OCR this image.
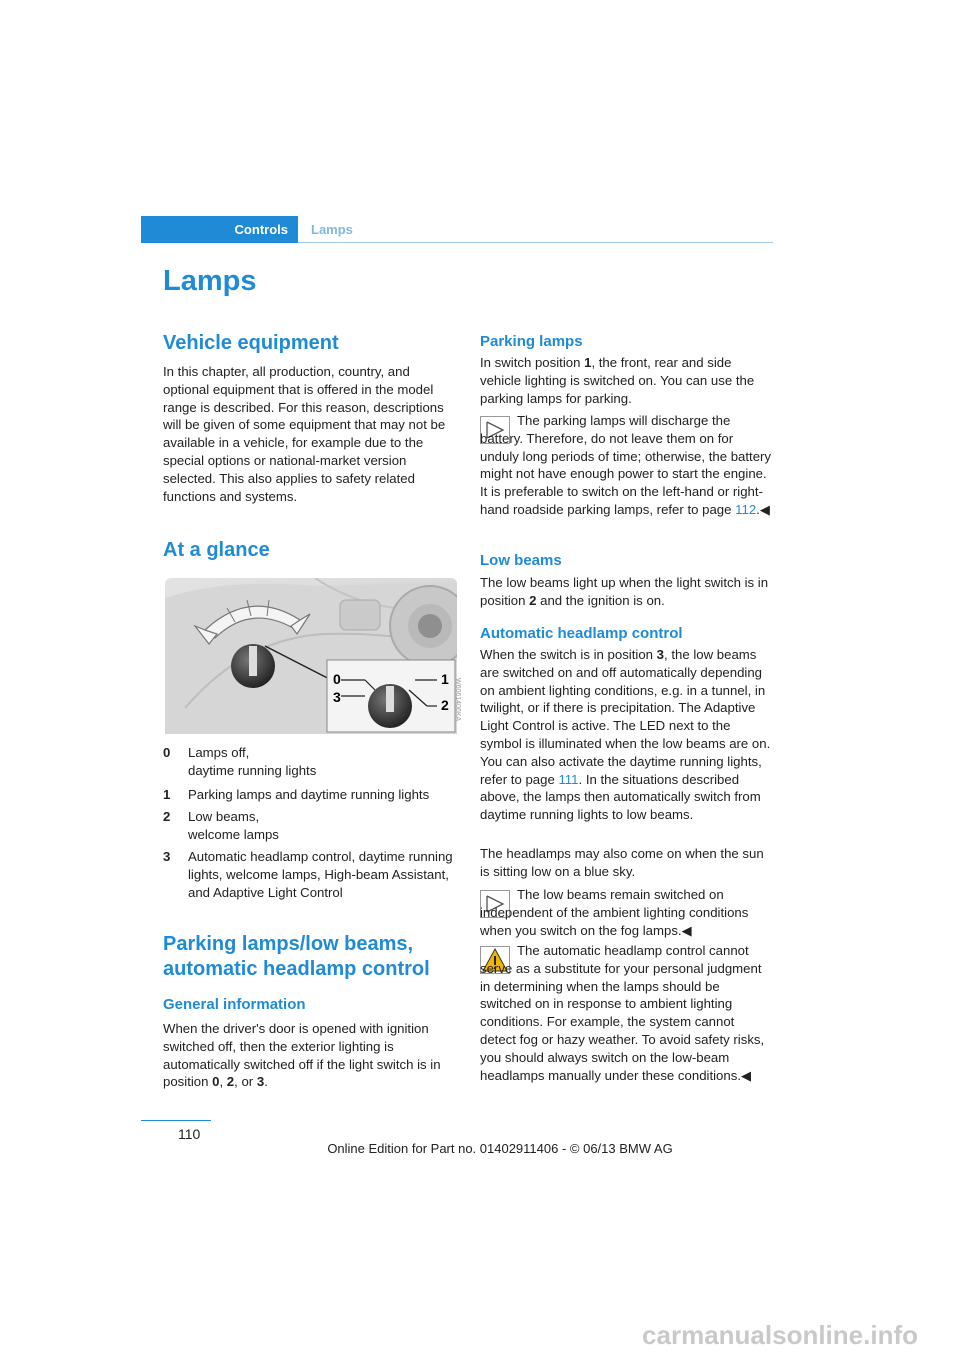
Controls	Lamps
Lamps
Vehicle equipment

In this chapter, all production, country, and optional equipment that is offered in the model range is described. For this reason, descriptions will be given of some equipment that may not be available in a vehicle, for example due to the special options or national-market version selected. This also applies to safety related functions and systems.

At a glance
0	1
3	2 W6061406KA
0 Lamps off,
daytime running lights
1 Parking lamps and daytime running lights
2 Low beams,
welcome lamps
3 Automatic headlamp control, daytime running lights, welcome lamps, High-beam Assistant, and Adaptive Light Control
Parking lamps/low beams, automatic headlamp control
General information

When the driver's door is opened with ignition switched off, then the exterior lighting is automatically switched off if the light switch is in position 0, 2, or 3.

Parking lamps

In switch position 1, the front, rear and side vehicle lighting is switched on. You can use the parking lamps for parking.

The parking lamps will discharge the battery. Therefore, do not leave them on for unduly long periods of time; otherwise, the battery might not have enough power to start the engine. It is preferable to switch on the left-hand or right-hand roadside parking lamps, refer to page 112.◀

Low beams

The low beams light up when the light switch is in position 2 and the ignition is on.

Automatic headlamp control

When the switch is in position 3, the low beams are switched on and off automatically depending on ambient lighting conditions, e.g. in a tunnel, in twilight, or if there is precipitation. The Adaptive Light Control is active. The LED next to the symbol is illuminated when the low beams are on. You can also activate the daytime running lights, refer to page 111. In the situations described above, the lamps then automatically switch from daytime running lights to low beams.

The headlamps may also come on when the sun is sitting low on a blue sky.

The low beams remain switched on independent of the ambient lighting conditions when you switch on the fog lamps.◀

The automatic headlamp control cannot serve as a substitute for your personal judgment in determining when the lamps should be switched on in response to ambient lighting conditions. For example, the system cannot detect fog or hazy weather. To avoid safety risks, you should always switch on the low-beam headlamps manually under these conditions.◀

110
Online Edition for Part no. 01402911406 - © 06/13 BMW AG
carmanualsonline.info
